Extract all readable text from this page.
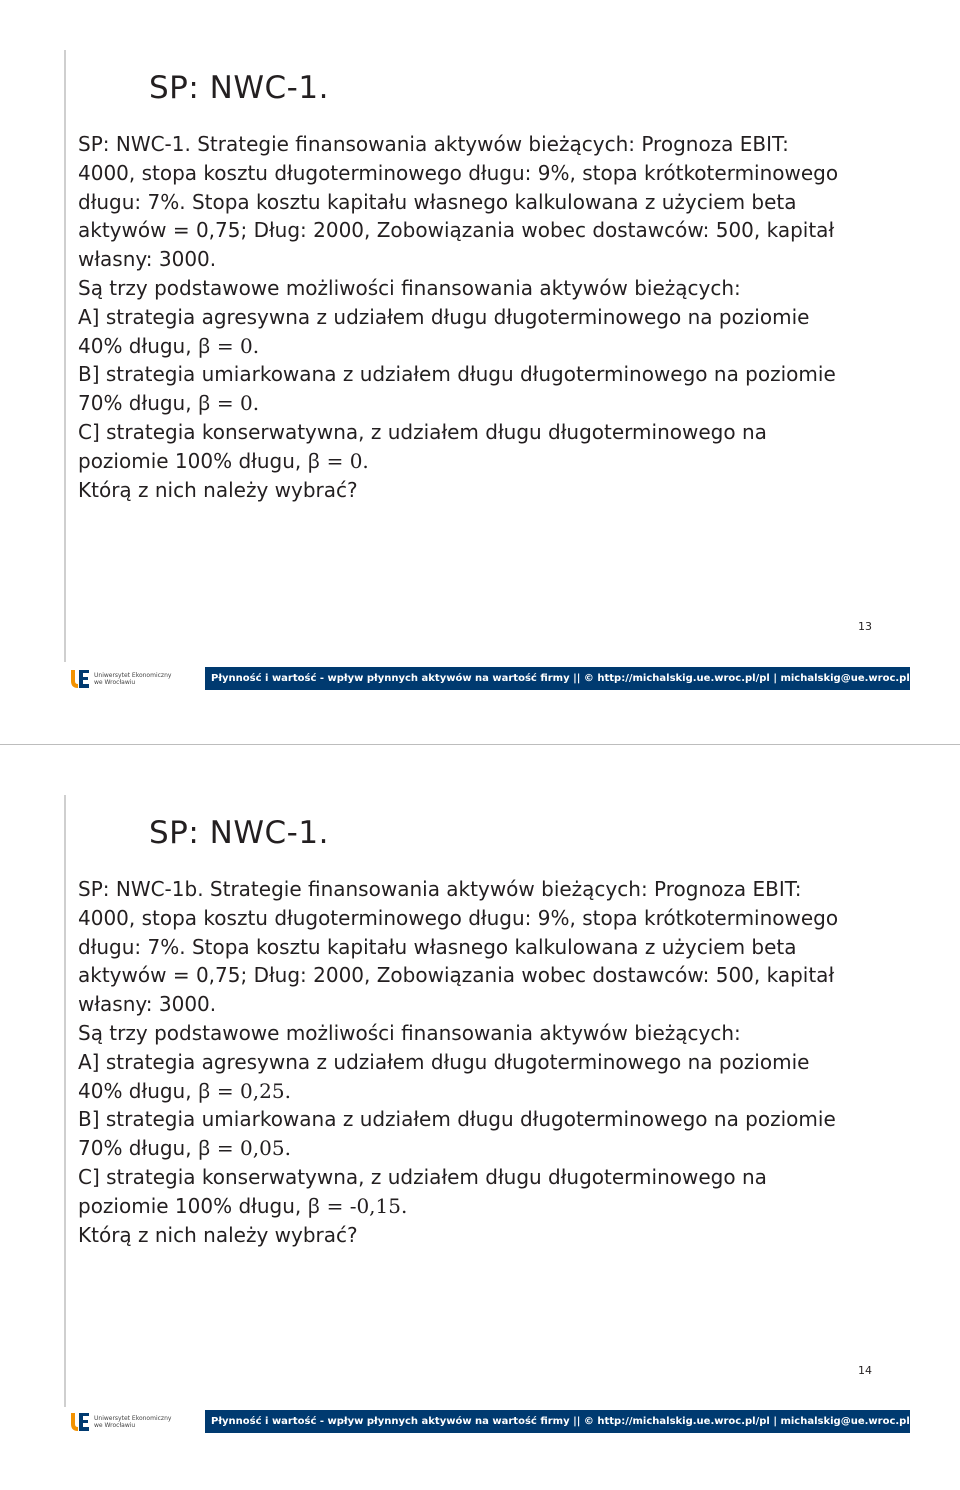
SP: NWC-1.
SP: NWC-1. Strategie finansowania aktywów bieżących: Prognoza EBIT:
4000, stopa kosztu długoterminowego długu: 9%, stopa krótkoterminowego
długu: 7%. Stopa kosztu kapitału własnego kalkulowana z użyciem beta
aktywów = 0,75; Dług: 2000, Zobowiązania wobec dostawców: 500, kapitał
własny: 3000.
Są trzy podstawowe możliwości finansowania aktywów bieżących:
A] strategia agresywna z udziałem długu długoterminowego na poziomie
40% długu, ꞵ = 0.
B] strategia umiarkowana z udziałem długu długoterminowego na poziomie
70% długu, ꞵ = 0.
C] strategia konserwatywna, z udziałem długu długoterminowego na
poziomie 100% długu, ꞵ = 0.
Którą z nich należy wybrać?
13
Uniwersytet Ekonomiczny
we Wrocławiu	Płynność i wartość - wpływ płynnych aktywów na wartość firmy || © http://michalskig.ue.wroc.pl/pl | michalskig@ue.wroc.pl
SP: NWC-1.
SP: NWC-1b. Strategie finansowania aktywów bieżących: Prognoza EBIT:
4000, stopa kosztu długoterminowego długu: 9%, stopa krótkoterminowego
długu: 7%. Stopa kosztu kapitału własnego kalkulowana z użyciem beta
aktywów = 0,75; Dług: 2000, Zobowiązania wobec dostawców: 500, kapitał
własny: 3000.
Są trzy podstawowe możliwości finansowania aktywów bieżących:
A] strategia agresywna z udziałem długu długoterminowego na poziomie
40% długu, ꞵ = 0,25.
B] strategia umiarkowana z udziałem długu długoterminowego na poziomie
70% długu, ꞵ = 0,05.
C] strategia konserwatywna, z udziałem długu długoterminowego na
poziomie 100% długu, ꞵ = -0,15.
Którą z nich należy wybrać?
14
Uniwersytet Ekonomiczny
we Wrocławiu	Płynność i wartość - wpływ płynnych aktywów na wartość firmy || © http://michalskig.ue.wroc.pl/pl | michalskig@ue.wroc.pl
